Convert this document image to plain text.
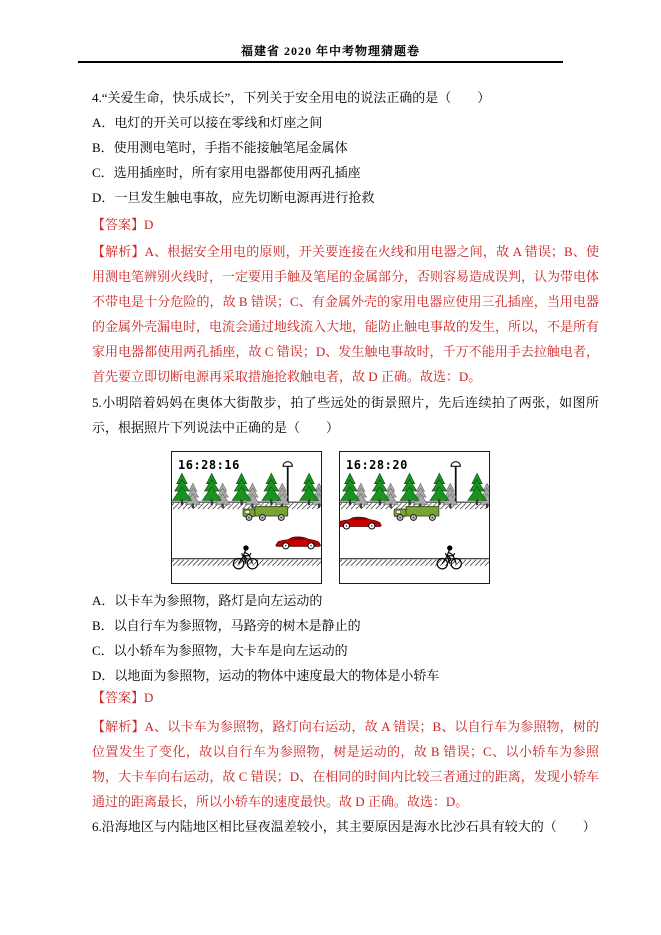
福建省 2020 年中考物理猜题卷
4.“关爱生命，快乐成长”，下列关于安全用电的说法正确的是（　　）
A．电灯的开关可以接在零线和灯座之间
B．使用测电笔时，手指不能接触笔尾金属体
C．选用插座时，所有家用电器都使用两孔插座
D．一旦发生触电事故，应先切断电源再进行抢救
【答案】D
【解析】A、根据安全用电的原则，开关要连接在火线和用电器之间，故 A 错误；B、使用测电笔辨别火线时，一定要用手触及笔尾的金属部分，否则容易造成误判，认为带电体不带电是十分危险的，故 B 错误；C、有金属外壳的家用电器应使用三孔插座，当用电器的金属外壳漏电时，电流会通过地线流入大地，能防止触电事故的发生，所以，不是所有家用电器都使用两孔插座，故 C 错误；D、发生触电事故时，千万不能用手去拉触电者，首先要立即切断电源再采取措施抢救触电者，故 D 正确。故选：D。
5.小明陪着妈妈在奥体大街散步，拍了些远处的街景照片，先后连续拍了两张，如图所示，根据照片下列说法中正确的是（　　）
16:28:16	16:28:20
A．以卡车为参照物，路灯是向左运动的
B．以自行车为参照物，马路旁的树木是静止的
C．以小轿车为参照物，大卡车是向左运动的
D．以地面为参照物，运动的物体中速度最大的物体是小轿车
【答案】D
【解析】A、以卡车为参照物，路灯向右运动，故 A 错误；B、以自行车为参照物，树的位置发生了变化，故以自行车为参照物，树是运动的，故 B 错误；C、以小轿车为参照物，大卡车向右运动，故 C 错误；D、在相同的时间内比较三者通过的距离，发现小轿车通过的距离最长，所以小轿车的速度最快。故 D 正确。故选：D。
6.沿海地区与内陆地区相比昼夜温差较小，其主要原因是海水比沙石具有较大的（　　）
